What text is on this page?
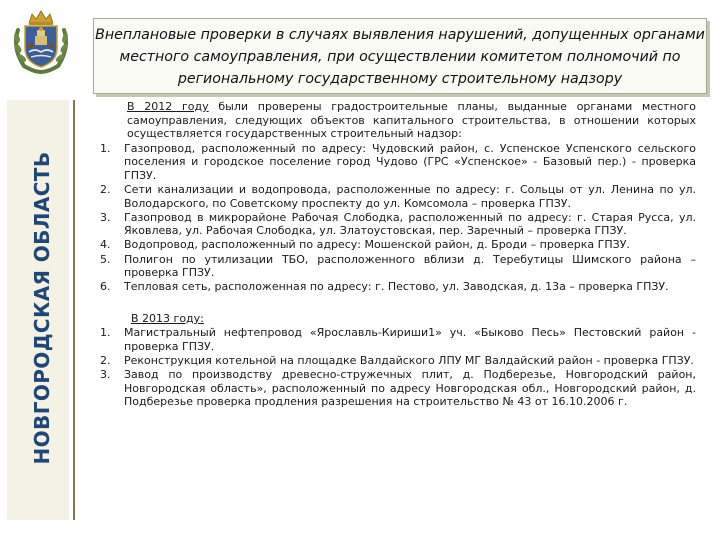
НОВГОРОДСКАЯ ОБЛАСТЬ
Внеплановые проверки в случаях выявления нарушений, допущенных органами местного самоуправления, при осуществлении комитетом полномочий по региональному государственному строительному надзору

В 2012 году были проверены градостроительные планы, выданные органами местного самоуправления, следующих объектов капитального строительства, в отношении которых осуществляется государственных строительный надзор:

1. Газопровод, расположенный по адресу: Чудовский район, с. Успенское Успенского сельского поселения и городское поселение город Чудово (ГРС «Успенское» - Базовый пер.) - проверка ГПЗУ.
2. Сети канализации и водопровода, расположенные по адресу: г. Сольцы от ул. Ленина по ул. Володарского, по Советскому проспекту до ул. Комсомола – проверка ГПЗУ.
3. Газопровод в микрорайоне Рабочая Слободка, расположенный по адресу: г. Старая Русса, ул. Яковлева, ул. Рабочая Слободка, ул. Златоустовская, пер. Заречный – проверка ГПЗУ.
4. Водопровод, расположенный по адресу: Мошенской район, д. Броди – проверка ГПЗУ.
5. Полигон по утилизации ТБО, расположенного вблизи д. Теребутицы Шимского района – проверка ГПЗУ.
6. Тепловая сеть, расположенная по адресу: г. Пестово, ул. Заводская, д. 13а – проверка ГПЗУ.

В 2013 году:

1. Магистральный нефтепровод «Ярославль-Кириши1» уч. «Быково Песь» Пестовский район - проверка ГПЗУ.
2. Реконструкция котельной на площадке Валдайского ЛПУ МГ Валдайский район - проверка ГПЗУ.
3. Завод по производству древесно-стружечных плит, д. Подберезье, Новгородский район, Новгородская область», расположенный по адресу Новгородская обл., Новгородский район, д. Подберезье проверка продления разрешения на строительство № 43 от 16.10.2006 г.
